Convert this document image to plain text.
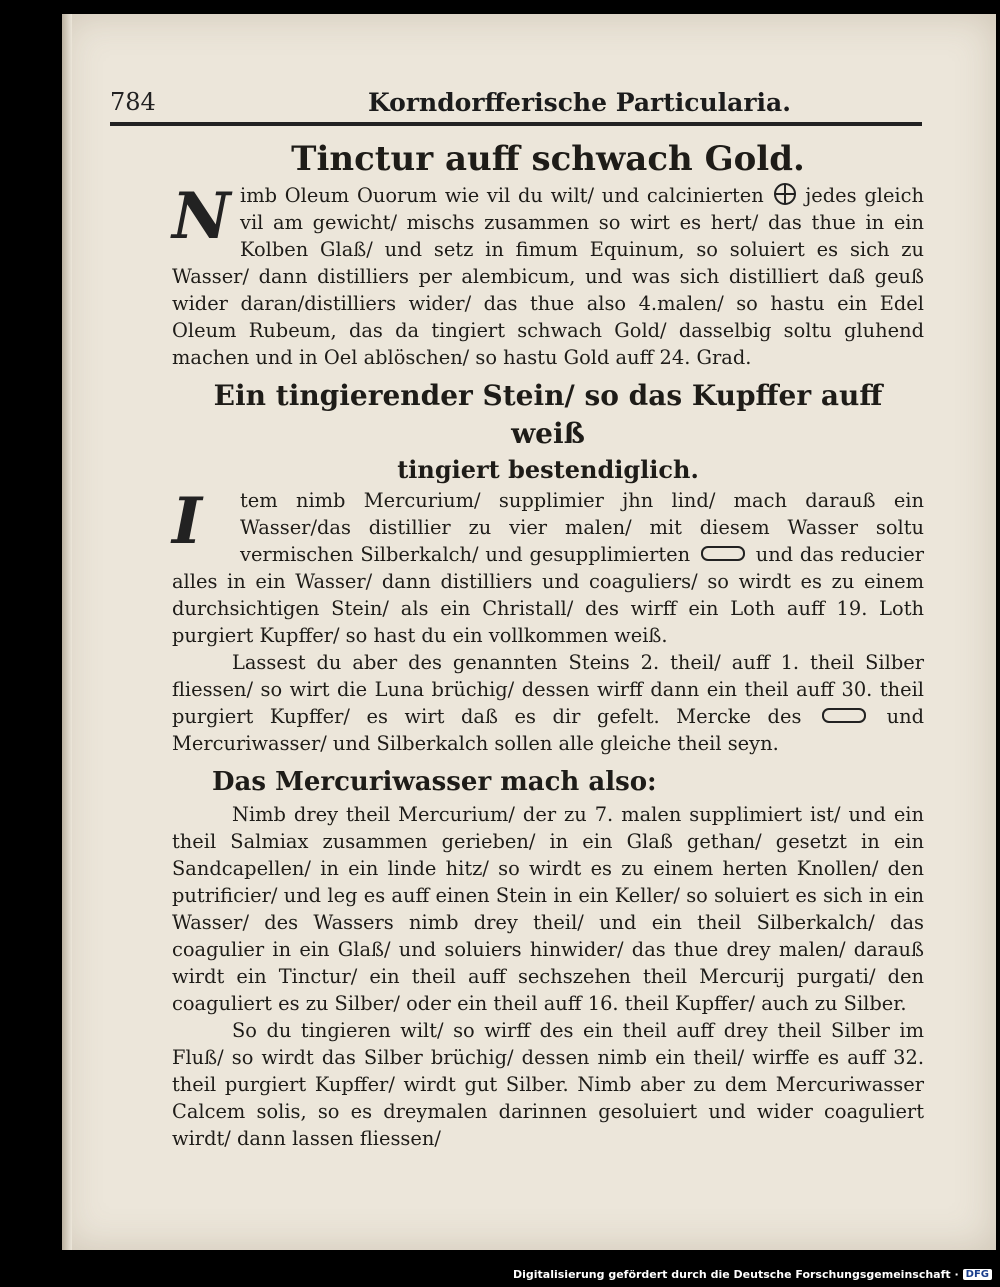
784	Korndorfferische Particularia.
Tinctur auff schwach Gold.

N imb Oleum Ouorum wie vil du wilt/ und calcinierten jedes gleich vil am gewicht/ mischs zusammen so wirt es hert/ das thue in ein Kolben Glaß/ und setz in fimum Equinum, so soluiert es sich zu Wasser/ dann distilliers per alembicum, und was sich distilliert daß geuß wider daran/distilliers wider/ das thue also 4.malen/ so hastu ein Edel Oleum Rubeum, das da tingiert schwach Gold/ dasselbig soltu gluhend machen und in Oel ablöschen/ so hastu Gold auff 24. Grad.

Ein tingierender Stein/ so das Kupffer auff weiß
tingiert bestendiglich.

I	tem nimb Mercurium/ supplimier jhn lind/ mach darauß ein Wasser/das distillier zu vier malen/ mit diesem Wasser soltu vermischen Silberkalch/ und gesupplimierten	und das reducier alles in ein Wasser/ dann distilliers und coaguliers/ so wirdt es zu einem durchsichtigen Stein/ als ein Christall/ des wirff ein Loth auff 19. Loth purgiert Kupffer/ so hast du ein vollkommen weiß.

Lassest du aber des genannten Steins 2. theil/ auff 1. theil Silber fliessen/ so wirt die Luna brüchig/ dessen wirff dann ein theil auff 30. theil purgiert Kupffer/ es wirt daß es dir gefelt. Mercke des	und Mercuriwasser/ und Silberkalch sollen alle gleiche theil seyn.

Das Mercuriwasser mach also:

Nimb drey theil Mercurium/ der zu 7. malen supplimiert ist/ und ein theil Salmiax zusammen gerieben/ in ein Glaß gethan/ gesetzt in ein Sandcapellen/ in ein linde hitz/ so wirdt es zu einem herten Knollen/ den putrificier/ und leg es auff einen Stein in ein Keller/ so soluiert es sich in ein Wasser/ des Wassers nimb drey theil/ und ein theil Silberkalch/ das coagulier in ein Glaß/ und soluiers hinwider/ das thue drey malen/ darauß wirdt ein Tinctur/ ein theil auff sechszehen theil Mercurij purgati/ den coaguliert es zu Silber/ oder ein theil auff 16. theil Kupffer/ auch zu Silber.

So du tingieren wilt/ so wirff des ein theil auff drey theil Silber im Fluß/ so wirdt das Silber brüchig/ dessen nimb ein theil/ wirffe es auff 32. theil purgiert Kupffer/ wirdt gut Silber. Nimb aber zu dem Mercuriwasser Calcem solis, so es dreymalen darinnen gesoluiert und wider coaguliert wirdt/ dann lassen fliessen/

Digitalisierung gefördert durch die Deutsche Forschungsgemeinschaft · DFG
